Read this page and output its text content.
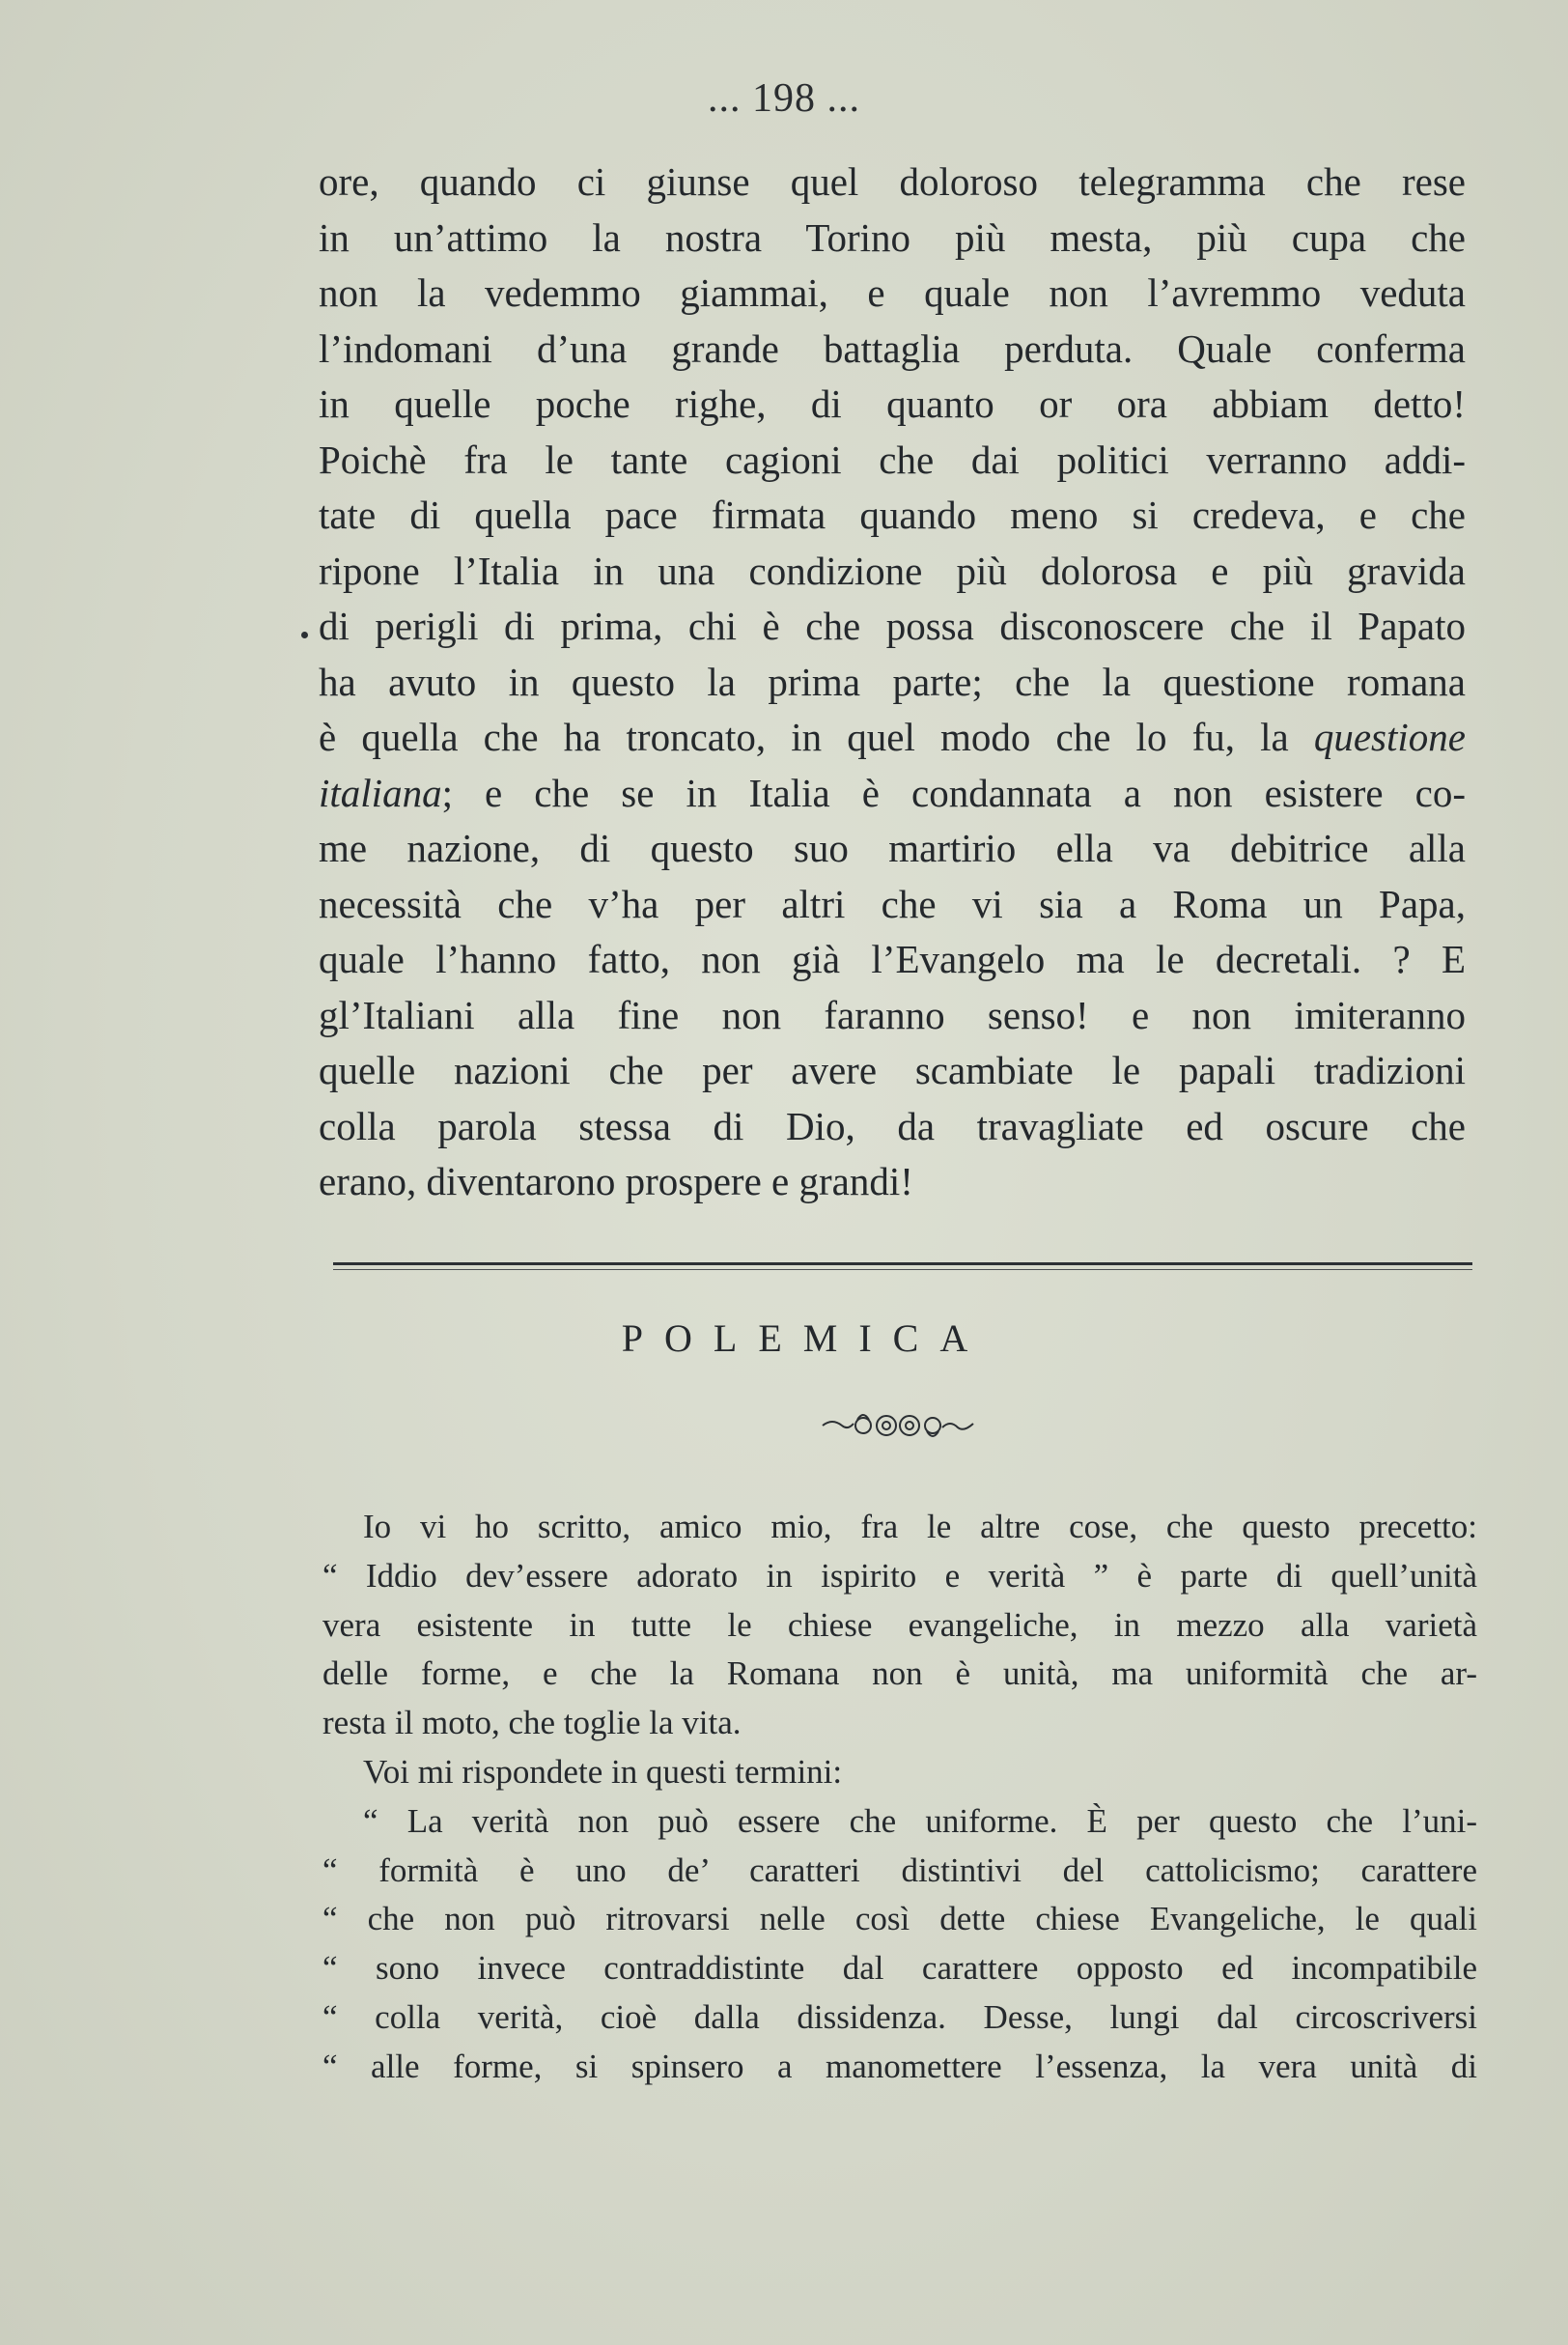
... 198 ...
ore, quando ci giunse quel doloroso telegramma che rese
in un’attimo la nostra Torino più mesta, più cupa che
non la vedemmo giammai, e quale non l’avremmo veduta
l’indomani d’una grande battaglia perduta. Quale conferma
in quelle poche righe, di quanto or ora abbiam detto!
Poichè fra le tante cagioni che dai politici verranno addi-
tate di quella pace firmata quando meno si credeva, e che
ripone l’Italia in una condizione più dolorosa e più gravida
di perigli di prima, chi è che possa disconoscere che il Papato
ha avuto in questo la prima parte; che la questione romana
è quella che ha troncato, in quel modo che lo fu, la questione
italiana; e che se in Italia è condannata a non esistere co-
me nazione, di questo suo martirio ella va debitrice alla
necessità che v’ha per altri che vi sia a Roma un Papa,
quale l’hanno fatto, non già l’Evangelo ma le decretali. ? E
gl’Italiani alla fine non faranno senso! e non imiteranno
quelle nazioni che per avere scambiate le papali tradizioni
colla parola stessa di Dio, da travagliate ed oscure che
erano, diventarono prospere e grandi!
POLEMICA
Io vi ho scritto, amico mio, fra le altre cose, che questo precetto:
“ Iddio dev’essere adorato in ispirito e verità ” è parte di quell’unità
vera esistente in tutte le chiese evangeliche, in mezzo alla varietà
delle forme, e che la Romana non è unità, ma uniformità che ar-
resta il moto, che toglie la vita.
Voi mi rispondete in questi termini:
“ La verità non può essere che uniforme. È per questo che l’uni-
“ formità è uno de’ caratteri distintivi del cattolicismo; carattere
“ che non può ritrovarsi nelle così dette chiese Evangeliche, le quali
“ sono invece contraddistinte dal carattere opposto ed incompatibile
“ colla verità, cioè dalla dissidenza. Desse, lungi dal circoscriversi
“ alle forme, si spinsero a manomettere l’essenza, la vera unità di
